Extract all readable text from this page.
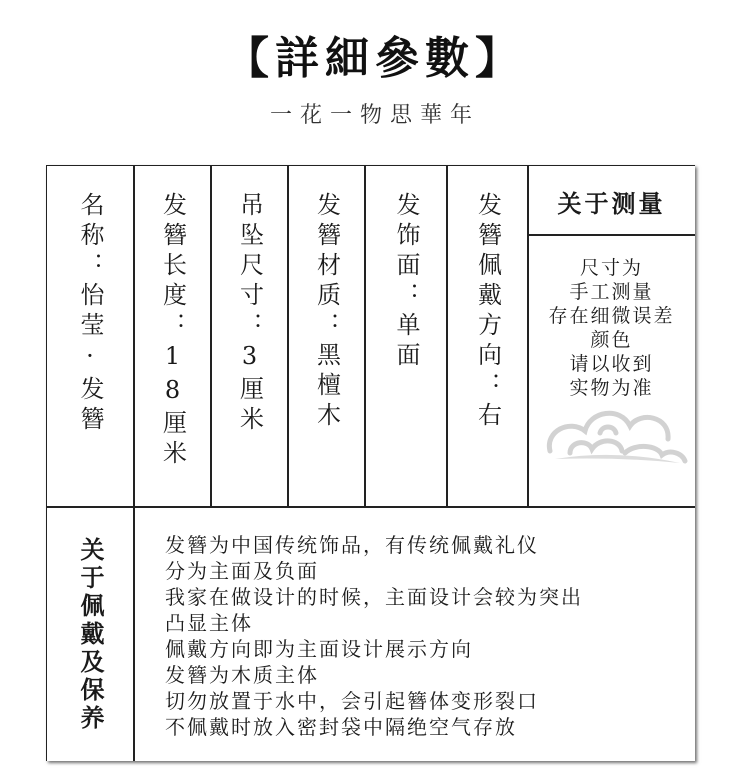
【詳細參數】
一花一物思華年
名称：怡莹·发簪 发簪长度：18厘米 吊坠尺寸：3厘米 发簪材质：黑檀木 发饰面：单面 发簪佩戴方向：右	关于测量
尺寸为
手工测量
存在细微误差
颜色
请以收到
实物为准
关于佩戴及保养	发簪为中国传统饰品，有传统佩戴礼仪
分为主面及负面
我家在做设计的时候，主面设计会较为突出
凸显主体
佩戴方向即为主面设计展示方向
发簪为木质主体
切勿放置于水中，会引起簪体变形裂口
不佩戴时放入密封袋中隔绝空气存放
